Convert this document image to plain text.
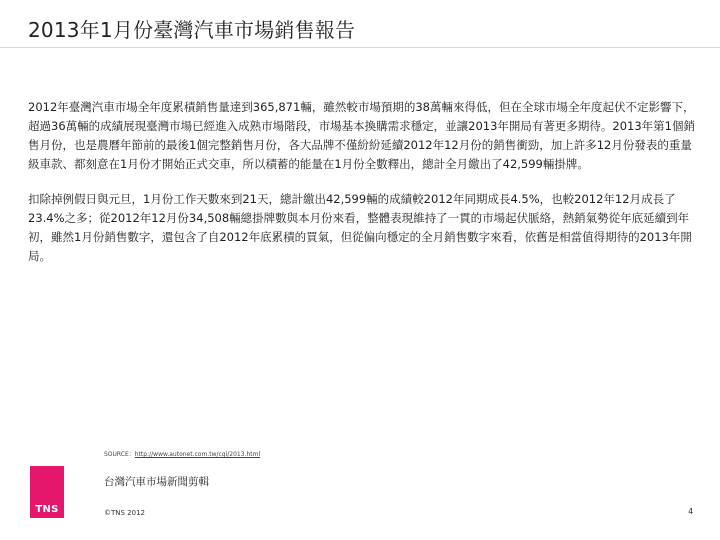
2013年1月份臺灣汽車市場銷售報告

2012年臺灣汽車市場全年度累積銷售量達到365,871輛，雖然較市場預期的38萬輛來得低，但在全球市場全年度起伏不定影響下，超過36萬輛的成績展現臺灣市場已經進入成熟市場階段，市場基本換購需求穩定，並讓2013年開局有著更多期待。2013年第1個銷售月份，也是農曆年節前的最後1個完整銷售月份，各大品牌不僅紛紛延續2012年12月份的銷售衝勁，加上許多12月份發表的重量級車款、都刻意在1月份才開始正式交車，所以積蓄的能量在1月份全數釋出，總計全月繳出了42,599輛掛牌。

扣除掉例假日與元旦，1月份工作天數來到21天，總計繳出42,599輛的成績較2012年同期成長4.5%，也較2012年12月成長了23.4%之多；從2012年12月份34,508輛總掛牌數與本月份來看，整體表現維持了一貫的市場起伏脈絡，熱銷氣勢從年底延續到年初，雖然1月份銷售數字，還包含了自2012年底累積的買氣，但從偏向穩定的全月銷售數字來看，依舊是相當值得期待的2013年開局。

SOURCE：http://www.autonet.com.tw/cgi/2013.html
TNS
台灣汽車市場新聞剪輯
©TNS 2012	4
